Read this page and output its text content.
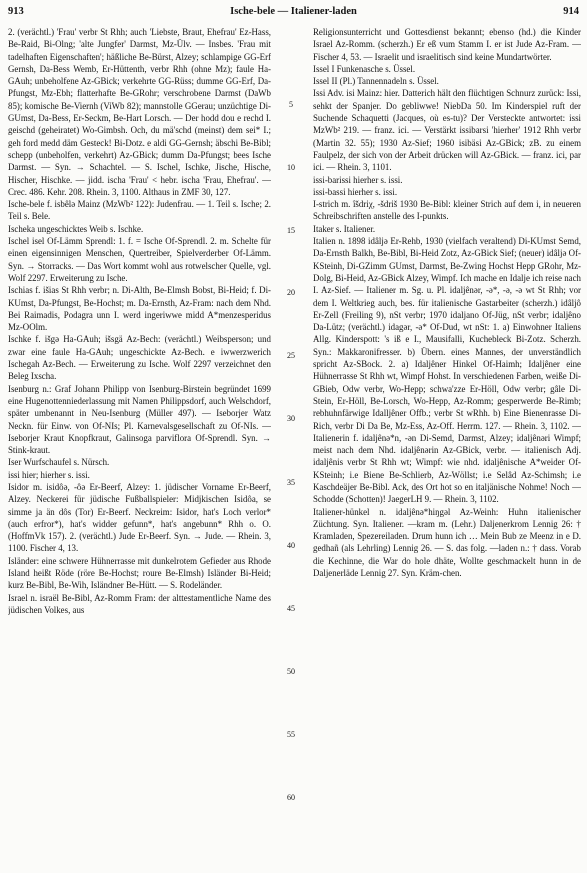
913	Ische-bele — Italiener-laden	914

2. (verächtl.) 'Frau' verbr St Rhh; auch 'Liebste, Braut, Ehefrau' Ez-Hass, Be-Raid, Bi-Olng; 'alte Jungfer' Darmst, Mz-Ülv. — Insbes. 'Frau mit tadelhaften Eigenschaften'; häßliche Be-Bürst, Alzey; schlampige GG-Erf Gernsh, Da-Bess Wemb, Er-Hüttenth, verbr Rhh (ohne Mz); faule Ha-GAuh; unbeholfene Az-GBick; verkehrte GG-Rüss; dumme GG-Erf, Da-Pfungst, Mz-Ebh; flatterhafte Be-GRohr; verschrobene Darmst (DaWb 85); komische Be-Viernh (ViWb 82); mannstolle GGerau; unzüchtige Di-GUmst, Da-Bess, Er-Seckm, Be-Hart Lorsch. — Der hodd dou e rechd I. geischd (geheiratet) Wo-Gimbsh. Och, du mä'schd (meinst) dem sei* I.; geh ford medd däm Gesteck! Bi-Dotz. e aldi GG-Gernsh; äbschi Be-Bibl; schepp (unbeholfen, verkehrt) Az-GBick; dumm Da-Pfungst; bees Ische Darmst. — Syn. → Schachtel. — S. Ischel, Ischke, Jische, Hische, Hischer, Hischke. — jidd. ischa 'Frau' < hebr. ischa 'Frau, Ehefrau'. — Crec. 486. Kehr. 208. Rhein. 3, 1100. Althaus in ZMF 30, 127.

Ische-bele f. isbêlə Mainz (MzWb² 122): Judenfrau. — 1. Teil s. Ische; 2. Teil s. Bele.

Ischeka ungeschicktes Weib s. Ischke.

Ischel isel Of-Lämm Sprendl: 1. f. = Ische Of-Sprendl. 2. m. Schelte für einen eigensinnigen Menschen, Quertreiber, Spielverderber Of-Lämm. Syn. → Storracks. — Das Wort kommt wohl aus rotwelscher Quelle, vgl. Wolf 2297. Erweiterung zu Ische.

Ischias f. išias St Rhh verbr; n. Di-Alth, Be-Elmsh Bobst, Bi-Heid; f. Di-KUmst, Da-Pfungst, Be-Hochst; m. Da-Ernsth, Az-Fram: nach dem Nhd. Bei Raimadis, Podagra unn I. werd ingeriwwe midd A*menzesperidus Mz-OOlm.

Ischke f. išgə Ha-GAuh; išsgä Az-Bech: (verächtl.) Weibsperson; und zwar eine faule Ha-GAuh; ungeschickte Az-Bech. e iwwerzwerich Ischegah Az-Bech. — Erweiterung zu Ische. Wolf 2297 verzeichnet den Beleg Ixscha.

Isenburg n.: Graf Johann Philipp von Isenburg-Birstein begründet 1699 eine Hugenottenniederlassung mit Namen Philippsdorf, auch Welschdorf, später umbenannt in Neu-Isenburg (Müller 497). — Iseborjer Watz Neckn. für Einw. von Of-NIs; Pl. Karnevalsgesellschaft zu Of-NIs. — Iseborjer Kraut Knopfkraut, Galinsoga parviflora Of-Sprendl. Syn. → Stink-kraut.

Iser Wurfschaufel s. Nürsch.

issi hier; hierher s. issi.

Isidor m. isidôə, -ôə Er-Beerf, Alzey: 1. jüdischer Vorname Er-Beerf, Alzey. Neckerei für jüdische Fußballspieler: Midjkischen Isidôa, se simme ja än dôs (Tor) Er-Beerf. Neckreim: Isidor, hat's Loch verlor* (auch erfror*), hat's widder gefunn*, hat's angebunn* Rhh o. O. (HoffmVk 157). 2. (verächtl.) Jude Er-Beerf. Syn. → Jude. — Rhein. 3, 1100. Fischer 4, 13.

Isländer: eine schwere Hühnerrasse mit dunkelrotem Gefieder aus Rhode Island heißt Röde (röre Be-Hochst; roure Be-Elmsh) Isländer Bi-Heid; kurz Be-Bibl, Be-Wih, Isländner Be-Hütt. — S. Rodeländer.

Israel n. israël Be-Bibl, Az-Romm Fram: der alttestamentliche Name des jüdischen Volkes, aus

5
10
15
20
25
30
35
40
45
50
55
60

Religionsunterricht und Gottesdienst bekannt; ebenso (hd.) die Kinder Israel Az-Romm. (scherzh.) Er eß vum Stamm I. er ist Jude Az-Fram. — Fischer 4, 53. — Israelit und israelitisch sind keine Mundartwörter.

Issel I Funkenasche s. Üssel.

Issel II (Pl.) Tannennadeln s. Üssel.

Issi Adv. isi Mainz: hier. Datterich hält den flüchtigen Schnurz zurück: Issi, sehkt der Spanjer. Do gebliwwe! NiebDa 50. Im Kinderspiel ruft der Suchende Schaquetti (Jacques, où es-tu)? Der Versteckte antwortet: issi MzWb² 219. — franz. ici. — Verstärkt issibarsi 'hierher' 1912 Rhh verbr (Martin 32. 55); 1930 Az-Sief; 1960 isibäsi Az-GBick; zB. zu einem Faulpelz, der sich von der Arbeit drücken will Az-GBick. — franz. ici, par ici. — Rhein. 3, 1101.

issi-barissi hierher s. issi.

issi-bassi hierher s. issi.

I-strich m. îšdriχ, -šdriš 1930 Be-Bibl: kleiner Strich auf dem i, in neueren Schreibschriften anstelle des I-punkts.

Itaker s. Italiener.

Italien n. 1898 idâljə Er-Rehb, 1930 (vielfach veraltend) Di-KUmst Semd, Da-Ernsth Balkh, Be-Bibl, Bi-Heid Zotz, Az-GBick Sief; (neuer) idâljə Of-KSteinh, Di-GZimm GUmst, Darmst, Be-Zwing Hochst Hepp GRohr, Mz-Dolg, Bi-Heid, Az-GBick Alzey, Wimpf. Ich mache en Idalje ich reise nach I. Az-Sief. — Italiener m. Sg. u. Pl. idaljênər, -ə*, -ə, -ə wt St Rhh; vor dem I. Weltkrieg auch, bes. für italienische Gastarbeiter (scherzh.) idâljô Er-Zell (Freiling 9), nSt verbr; 1970 idaljano Of-Jüg, nSt verbr; idaljêno Da-Lütz; (verächtl.) idagər, -ə* Of-Dud, wt nSt: 1. a) Einwohner Italiens Allg. Kinderspott: 's iß e I., Mausifalli, Kuchebleck Bi-Zotz. Scherzh. Syn.: Makkaronifresser. b) Übern. eines Mannes, der unverständlich spricht Az-SBock. 2. a) Idaljêner Hinkel Of-Haimh; Idaljêner eine Hühnerrasse St Rhh wt, Wimpf Hohst. In verschiedenen Farben, weiße Di-GBieb, Odw verbr, Wo-Hepp; schwa'zze Er-Höll, Odw verbr; gâle Di-Stein, Er-Höll, Be-Lorsch, Wo-Hepp, Az-Romm; gesperwerde Be-Rimb; rebhuhnfärwige Idalljêner Offb.; verbr St wRhh. b) Eine Bienenrasse Di-Rich, verbr Di Da Be, Mz-Ess, Az-Off. Herrm. 127. — Rhein. 3, 1102. — Italienerin f. idaljênə*n, -ən Di-Semd, Darmst, Alzey; idaljênəri Wimpf; meist nach dem Nhd. idaljênərin Az-GBick, verbr. — italienisch Adj. idaljênis verbr St Rhh wt; Wimpf: wie nhd. idaljênische A*weider Of-KSteinh; i.e Biene Be-Schlierb, Az-Wöllst; i.e Selâd Az-Schimsh; i.e Kaschdeäjer Be-Bibl. Ack, des Ort hot so en italjänische Nohme! Noch — Schodde (Schotten)! JaegerLH 9. — Rhein. 3, 1102.

Italiener-hünkel n. idaljênə*hiŋgəl Az-Weinh: Huhn italienischer Züchtung. Syn. Italiener. —kram m. (Lehr.) Daljenerkrom Lennig 26: † Kramladen, Spezereiladen. Drum hunn ich … Mein Bub ze Meenz in e D. gedhañ (als Lehrling) Lennig 26. — S. das folg. —laden n.: † dass. Vorab die Kechinne, die War do hole dhäte, Wollte geschmackelt hunn in de Daljenerläde Lennig 27. Syn. Kräm-chen.
